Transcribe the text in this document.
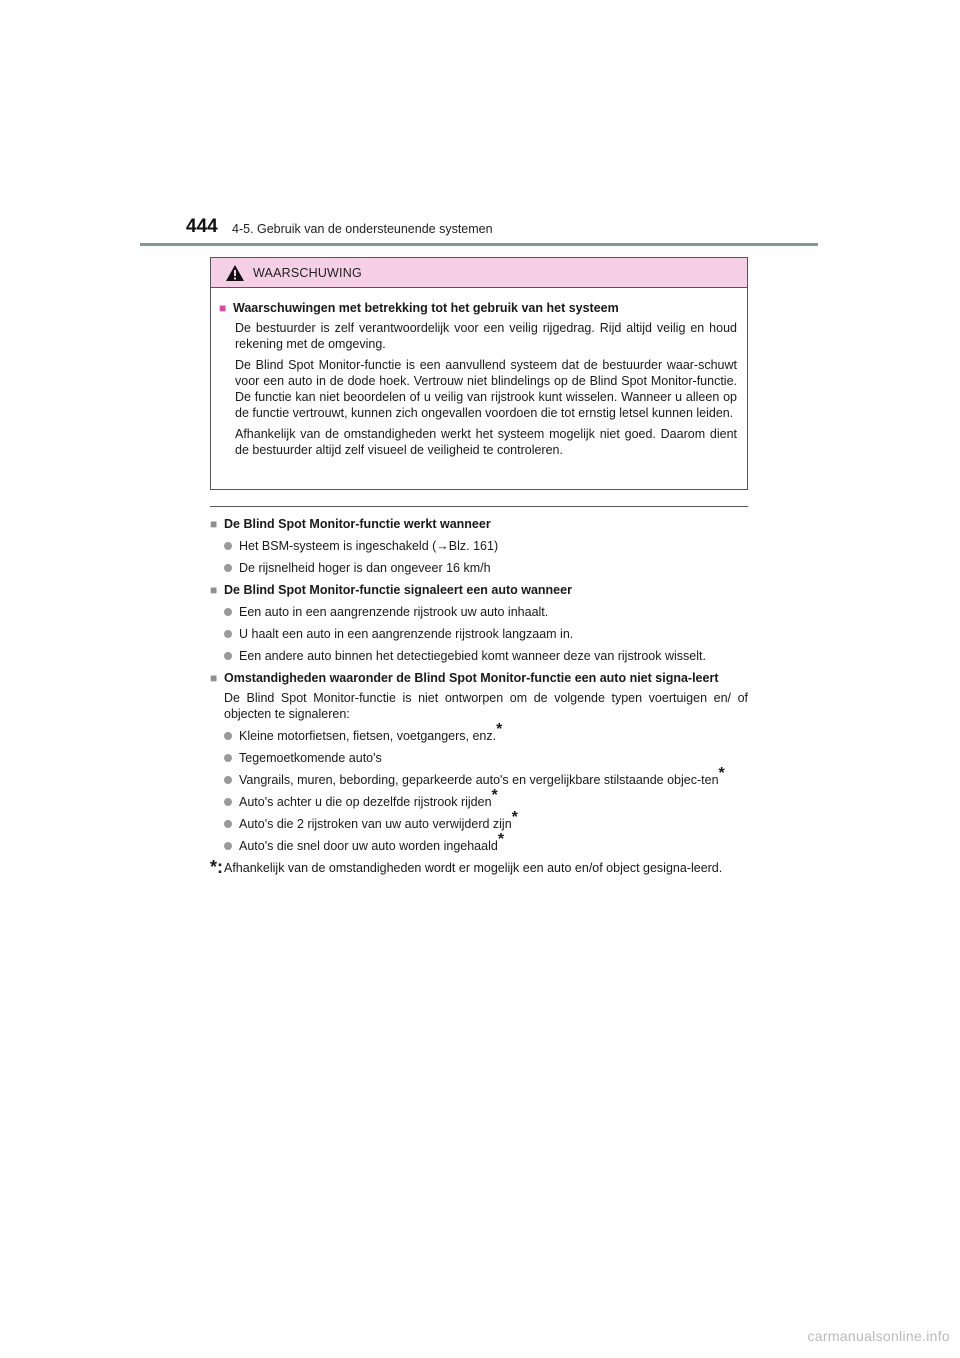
444 4-5. Gebruik van de ondersteunende systemen
WAARSCHUWING
■ Waarschuwingen met betrekking tot het gebruik van het systeem
De bestuurder is zelf verantwoordelijk voor een veilig rijgedrag. Rijd altijd veilig en houd rekening met de omgeving.
De Blind Spot Monitor-functie is een aanvullend systeem dat de bestuurder waar-schuwt voor een auto in de dode hoek. Vertrouw niet blindelings op de Blind Spot Monitor-functie. De functie kan niet beoordelen of u veilig van rijstrook kunt wisselen. Wanneer u alleen op de functie vertrouwt, kunnen zich ongevallen voordoen die tot ernstig letsel kunnen leiden.
Afhankelijk van de omstandigheden werkt het systeem mogelijk niet goed. Daarom dient de bestuurder altijd zelf visueel de veiligheid te controleren.
■ De Blind Spot Monitor-functie werkt wanneer
Het BSM-systeem is ingeschakeld (→Blz. 161)
De rijsnelheid hoger is dan ongeveer 16 km/h
■ De Blind Spot Monitor-functie signaleert een auto wanneer
Een auto in een aangrenzende rijstrook uw auto inhaalt.
U haalt een auto in een aangrenzende rijstrook langzaam in.
Een andere auto binnen het detectiegebied komt wanneer deze van rijstrook wisselt.
■ Omstandigheden waaronder de Blind Spot Monitor-functie een auto niet signa-leert
De Blind Spot Monitor-functie is niet ontworpen om de volgende typen voertuigen en/ of objecten te signaleren:
Kleine motorfietsen, fietsen, voetgangers, enz.*
Tegemoetkomende auto's
Vangrails, muren, bebording, geparkeerde auto's en vergelijkbare stilstaande objec-ten*
Auto's achter u die op dezelfde rijstrook rijden*
Auto's die 2 rijstroken van uw auto verwijderd zijn*
Auto's die snel door uw auto worden ingehaald*
*: Afhankelijk van de omstandigheden wordt er mogelijk een auto en/of object gesigna-leerd.
carmanualsonline.info
